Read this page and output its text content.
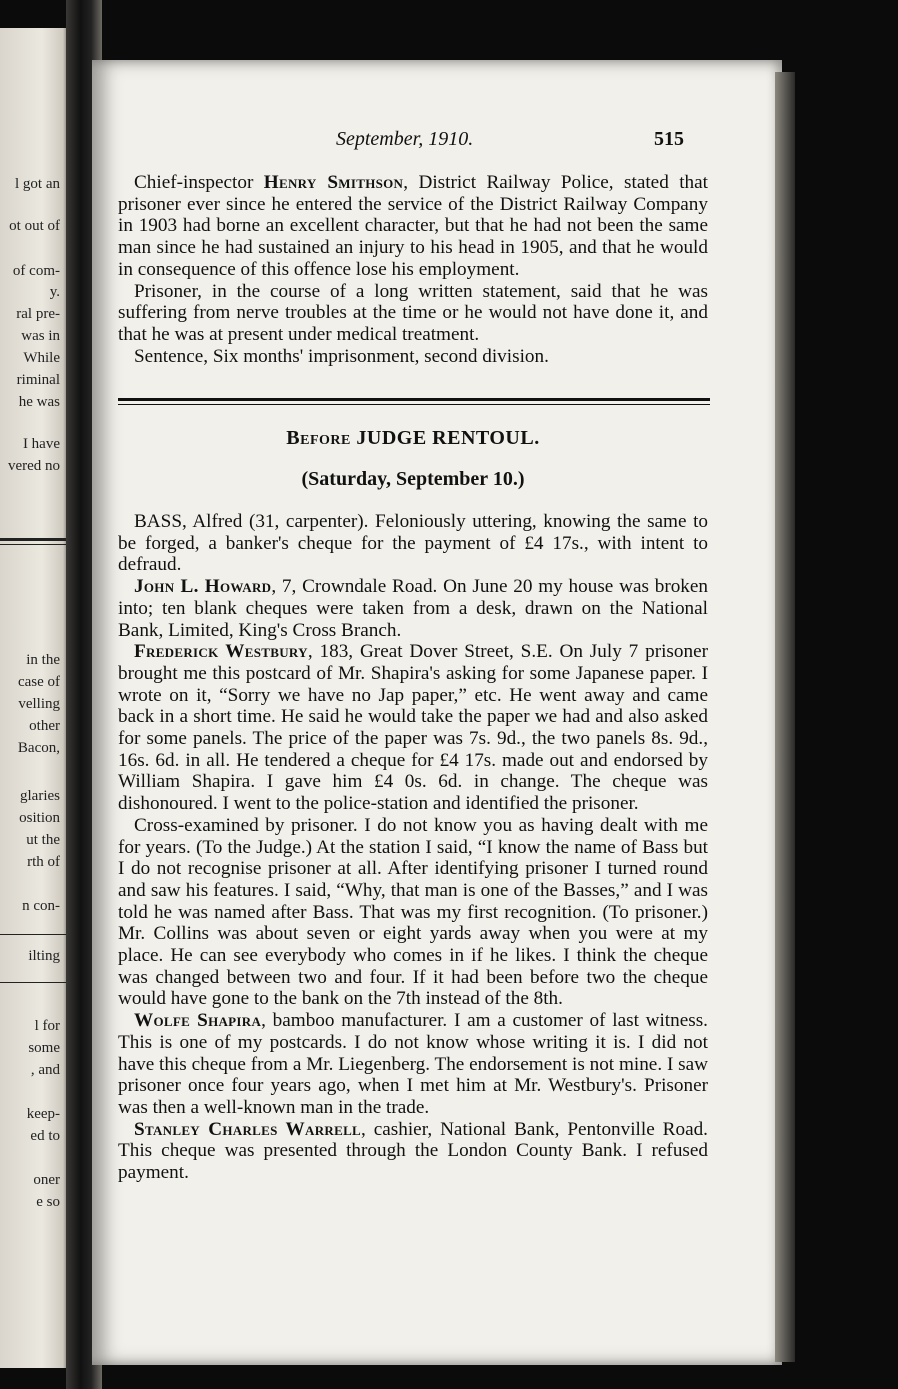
l got an
ot out of
of com-
y.
ral pre-
was in
While
riminal
he was
I have
vered no
in the
case of
velling
other
Bacon,
glaries
osition
ut the
rth of
n con-
ilting
l for
some
, and
keep-
ed to
oner
e so
September, 1910.	515

Chief-inspector Henry Smithson, District Railway Police, stated that prisoner ever since he entered the service of the District Railway Company in 1903 had borne an excellent character, but that he had not been the same man since he had sustained an injury to his head in 1905, and that he would in consequence of this offence lose his employment.

Prisoner, in the course of a long written statement, said that he was suffering from nerve troubles at the time or he would not have done it, and that he was at present under medical treatment.

Sentence, Six months' imprisonment, second division.

Before JUDGE RENTOUL.
(Saturday, September 10.)

BASS, Alfred (31, carpenter). Feloniously uttering, knowing the same to be forged, a banker's cheque for the payment of £4 17s., with intent to defraud.

John L. Howard, 7, Crowndale Road. On June 20 my house was broken into; ten blank cheques were taken from a desk, drawn on the National Bank, Limited, King's Cross Branch.

Frederick Westbury, 183, Great Dover Street, S.E. On July 7 prisoner brought me this postcard of Mr. Shapira's asking for some Japanese paper. I wrote on it, “Sorry we have no Jap paper,” etc. He went away and came back in a short time. He said he would take the paper we had and also asked for some panels. The price of the paper was 7s. 9d., the two panels 8s. 9d., 16s. 6d. in all. He tendered a cheque for £4 17s. made out and endorsed by William Shapira. I gave him £4 0s. 6d. in change. The cheque was dishonoured. I went to the police-station and identified the prisoner.

Cross-examined by prisoner. I do not know you as having dealt with me for years. (To the Judge.) At the station I said, “I know the name of Bass but I do not recognise prisoner at all. After identifying prisoner I turned round and saw his features. I said, “Why, that man is one of the Basses,” and I was told he was named after Bass. That was my first recognition. (To prisoner.) Mr. Collins was about seven or eight yards away when you were at my place. He can see everybody who comes in if he likes. I think the cheque was changed between two and four. If it had been before two the cheque would have gone to the bank on the 7th instead of the 8th.

Wolfe Shapira, bamboo manufacturer. I am a customer of last witness. This is one of my postcards. I do not know whose writing it is. I did not have this cheque from a Mr. Liegenberg. The endorsement is not mine. I saw prisoner once four years ago, when I met him at Mr. Westbury's. Prisoner was then a well-known man in the trade.

Stanley Charles Warrell, cashier, National Bank, Pentonville Road. This cheque was presented through the London County Bank. I refused payment.
